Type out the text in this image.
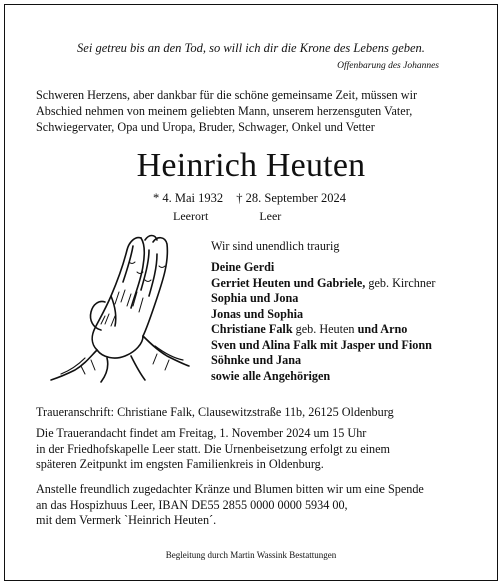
Sei getreu bis an den Tod, so will ich dir die Krone des Lebens geben.
Offenbarung des Johannes
Schweren Herzens, aber dankbar für die schöne gemeinsame Zeit, müssen wir
Abschied nehmen von meinem geliebten Mann, unserem herzensguten Vater,
Schwiegervater, Opa und Uropa, Bruder, Schwager, Onkel und Vetter
Heinrich Heuten
* 4. Mai 1932 † 28. September 2024
Leerort	Leer
Wir sind unendlich traurig
Deine Gerdi
Gerriet Heuten und Gabriele, geb. Kirchner
Sophia und Jona
Jonas und Sophia
Christiane Falk geb. Heuten und Arno
Sven und Alina Falk mit Jasper und Fionn
Söhnke und Jana
sowie alle Angehörigen
Traueranschrift: Christiane Falk, Clausewitzstraße 11b, 26125 Oldenburg
Die Trauerandacht findet am Freitag, 1. November 2024 um 15 Uhr
in der Friedhofskapelle Leer statt. Die Urnenbeisetzung erfolgt zu einem
späteren Zeitpunkt im engsten Familienkreis in Oldenburg.
Anstelle freundlich zugedachter Kränze und Blumen bitten wir um eine Spende
an das Hospizhuus Leer, IBAN DE55 2855 0000 0000 5934 00,
mit dem Vermerk `Heinrich Heuten´.
Begleitung durch Martin Wassink Bestattungen
